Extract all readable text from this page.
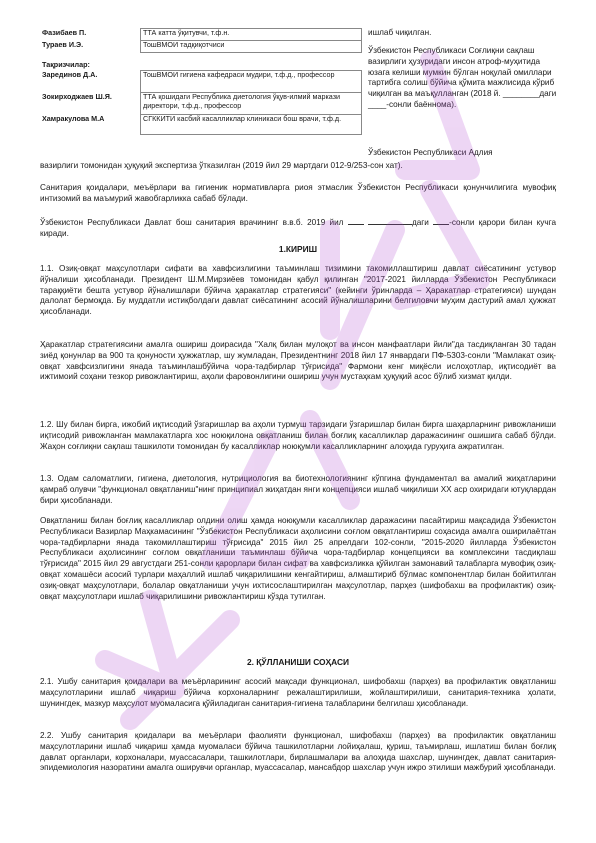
Фазибаев П.	ТТА катта ўқитувчи, т.ф.н.
Тураев И.Э.	ТошВМОИ тадқиқотчиси

Тақризчилар:	
Зарединов Д.А.	ТошВМОИ гигиена кафедраси мудири, т.ф.д., профессор
Зокирходжаев Ш.Я.	ТТА қошидаги Республика диетология ўқув-илмий маркази директори, т.ф.д., профессор
Хамракулова М.А	СГККИТИ касбий касалликлар клиникаси бош врачи, т.ф.д.
ишлаб чиқилган.
Ўзбекистон Республикаси Соғлиқни сақлаш вазирлиги ҳузуридаги инсон атроф-муҳитида юзага келиши мумкин бўлган ноқулай омиллари тартибга солиш бўйича қўмита мажлисида кўриб чиқилган ва маъқулланган (2018 й. ________даги ____-сонли баённома).
Ўзбекистон Республикаси Адлия
вазирлиги томонидан ҳуқуқий экспертиза ўтказилган (2019 йил 29 мартдаги 012-9/253-сон хат).
Санитария қоидалари, меъёрлари ва гигиеник нормативларга риоя этмаслик Ўзбекистон Республикаси қонунчилигига мувофиқ интизомий ва маъмурий жавобгарликка сабаб бўлади.
Ўзбекистон Республикаси Давлат бош санитария врачининг в.в.б. 2019 йил	даги -сонли қарори билан кучга киради.
1.КИРИШ
1.1. Озиқ-овқат маҳсулотлари сифати ва хавфсизлигини таъминлаш тизимини такомиллаштириш давлат сиёсатининг устувор йўналиши ҳисобланади. Президент Ш.М.Мирзиёев томонидан қабул қилинган "2017-2021 йилларда Ўзбекистон Республикаси тараққиёти бешта устувор йўналишлари бўйича ҳаракатлар стратегияси" (кейинги ўринларда – Ҳаракатлар стратегияси) шундан далолат бермоқда. Бу муддатли истиқболдаги давлат сиёсатининг асосий йўналишларини белгиловчи муҳим дастурий амал ҳужжат ҳисобланади.
Ҳаракатлар стратегиясини амалга ошириш доирасида "Халқ билан мулоқот ва инсон манфаатлари йили"да тасдиқланган 30 тадан зиёд қонунлар ва 900 та қонуности ҳужжатлар, шу жумладан, Президентнинг 2018 йил 17 январдаги ПФ-5303-сонли "Мамлакат озиқ-овқат хавфсизлигини янада таъминлашбўйича чора-тадбирлар тўғрисида" Фармони кенг миқёсли ислоҳотлар, иқтисодиёт ва ижтимоий соҳани тезкор ривожлантириш, аҳоли фаровонлигини ошириш учун мустаҳкам ҳуқуқий асос бўлиб хизмат қилди.
1.2. Шу билан бирга, ижобий иқтисодий ўзгаришлар ва аҳоли турмуш тарзидаги ўзгаришлар билан бирга шаҳарларнинг ривожланиши иқтисодий ривожланган мамлакатларга хос ноюқилона овқатланиш билан боғлиқ касалликлар даражасининг ошишига сабаб бўлди. Жаҳон соғлиқни сақлаш ташкилоти томонидан бу касалликлар ноюқумли касалликларнинг алоҳида гуруҳига ажратилган.
1.3. Одам саломатлиги, гигиена, диетология, нутрициология ва биотехнологиянинг кўпгина фундаментал ва амалий жиҳатларини қамраб олувчи "функционал овқатланиш"нинг принципиал жиҳатдан янги концепцияси ишлаб чиқилиши ХХ аср охиридаги ютуқлардан бири ҳисобланади.
Овқатланиш билан боғлиқ касалликлар олдини олиш ҳамда ноюқумли касалликлар даражасини пасайтириш мақсадида Ўзбекистон Республикаси Вазирлар Маҳкамасининг "Ўзбекистон Республикаси аҳолисини соғлом овқатлантириш соҳасида амалга оширилаётган чора-тадбирларни янада такомиллаштириш тўғрисида" 2015 йил 25 апрелдаги 102-сонли, "2015-2020 йилларда Ўзбекистон Республикаси аҳолисининг соғлом овқатланиши таъминлаш бўйича чора-тадбирлар концепцияси ва комплексини тасдиқлаш тўғрисида" 2015 йил 29 августдаги 251-сонли қарорлари билан сифат ва хавфсизликка қўйилган замонавий талабларга мувофиқ озиқ-овқат хомашёси асосий турлари маҳаллий ишлаб чиқарилишини кенгайтириш, алмаштириб бўлмас компонентлар билан бойитилган озиқ-овқат маҳсулотлари, болалар овқатланиши учун ихтисослаштирилган маҳсулотлар, парҳез (шифобахш ва профилактик) озиқ-овқат маҳсулотлари ишлаб чиқарилишини ривожлантириш кўзда тутилган.
2. ҚЎЛЛАНИШИ СОҲАСИ
2.1. Ушбу санитария қоидалари ва меъёрларининг асосий мақсади функционал, шифобахш (парҳез) ва профилактик овқатланиш маҳсулотларини ишлаб чиқариш бўйича корхоналарнинг режалаштирилиши, жойлаштирилиши, санитария-техника ҳолати, шунингдек, мазкур маҳсулот муомаласига қўйиладиган санитария-гигиена талабларини белгилаш ҳисобланади.
2.2. Ушбу санитария қоидалари ва меъёрлари фаолияти функционал, шифобахш (парҳез) ва профилактик овқатланиш маҳсулотларини ишлаб чиқариш ҳамда муомаласи бўйича ташкилотларни лойиҳалаш, қуриш, таъмирлаш, ишлатиш билан боғлиқ давлат органлари, корхоналари, муассасалари, ташкилотлари, бирлашмалари ва алоҳида шахслар, шунингдек, давлат санитария-эпидемиология назоратини амалга оширувчи органлар, муассасалар, мансабдор шахслар учун ижро этилиши мажбурий ҳисобланади.
